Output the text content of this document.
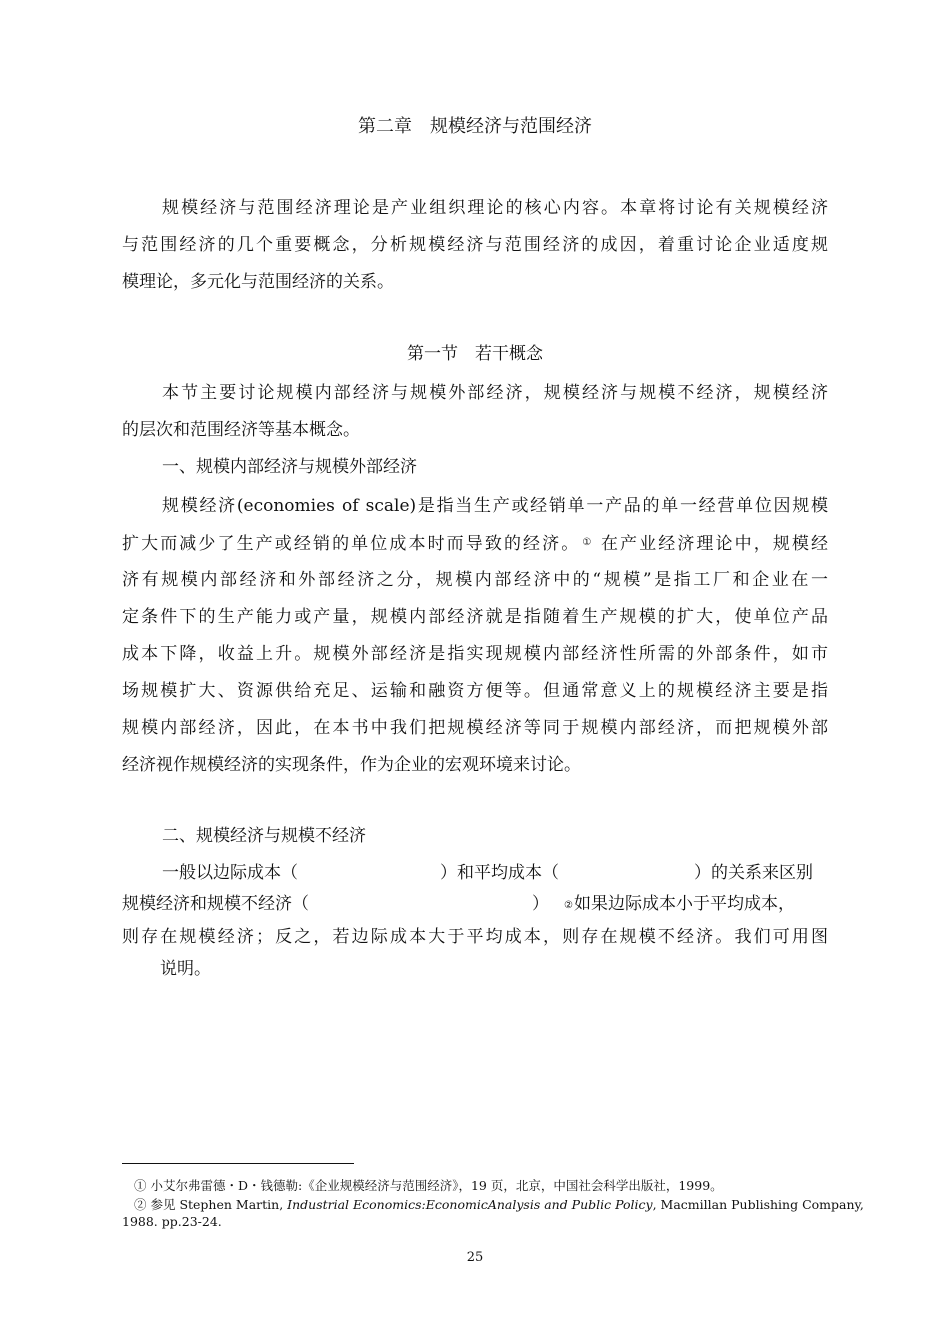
第二章　规模经济与范围经济
规模经济与范围经济理论是产业组织理论的核心内容。本章将讨论有关规模经济
与范围经济的几个重要概念，分析规模经济与范围经济的成因，着重讨论企业适度规
模理论，多元化与范围经济的关系。
第一节　若干概念
本节主要讨论规模内部经济与规模外部经济，规模经济与规模不经济，规模经济
的层次和范围经济等基本概念。
一、规模内部经济与规模外部经济
规模经济(economies of scale)是指当生产或经销单一产品的单一经营单位因规模
扩大而减少了生产或经销的单位成本时而导致的经济。 ① 在产业经济理论中，规模经
济有规模内部经济和外部经济之分，规模内部经济中的“规模”是指工厂和企业在一
定条件下的生产能力或产量，规模内部经济就是指随着生产规模的扩大，使单位产品
成本下降，收益上升。规模外部经济是指实现规模内部经济性所需的外部条件，如市
场规模扩大、资源供给充足、运输和融资方便等。但通常意义上的规模经济主要是指
规模内部经济，因此，在本书中我们把规模经济等同于规模内部经济，而把规模外部
经济视作规模经济的实现条件，作为企业的宏观环境来讨论。
二、规模经济与规模不经济
一般以边际成本（	）和平均成本（	）的关系来区别
规模经济和规模不经济（	） ② 如果边际成本小于平均成本，
则存在规模经济；反之，若边际成本大于平均成本，则存在规模不经济。我们可用图
说明。
① 小艾尔弗雷德・D・钱德勒:《企业规模经济与范围经济》，19 页，北京，中国社会科学出版社，1999。
② 参见 Stephen Martin, Industrial Economics:EconomicAnalysis and Public Policy, Macmillan Publishing Company,
1988. pp.23-24.
25
